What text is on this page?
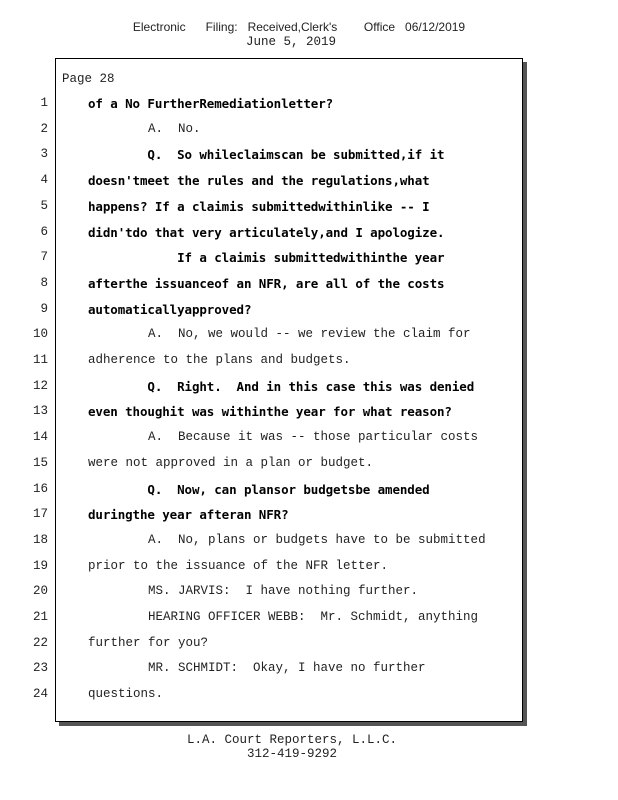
Electronic      Filing:   Received,Clerk's        Office   06/12/2019
June 5, 2019
Page 28
1	of a No FurtherRemediationletter?
2	A.  No.
3	Q.  So whileclaimscan be submitted,if it
4	doesn'tmeet the rules and the regulations,what
5	happens? If a claimis submittedwithinlike -- I
6	didn'tdo that very articulately,and I apologize.
7	If a claimis submittedwithinthe year
8	afterthe issuanceof an NFR, are all of the costs
9	automaticallyapproved?
10	A.  No, we would -- we review the claim for
11	adherence to the plans and budgets.
12	Q.  Right.  And in this case this was denied
13	even thoughit was withinthe year for what reason?
14	A.  Because it was -- those particular costs
15	were not approved in a plan or budget.
16	Q.  Now, can plansor budgetsbe amended
17	duringthe year afteran NFR?
18	A.  No, plans or budgets have to be submitted
19	prior to the issuance of the NFR letter.
20	MS. JARVIS:  I have nothing further.
21	HEARING OFFICER WEBB:  Mr. Schmidt, anything
22	further for you?
23	MR. SCHMIDT:  Okay, I have no further
24	questions.
L.A. Court Reporters, L.L.C.
312-419-9292
